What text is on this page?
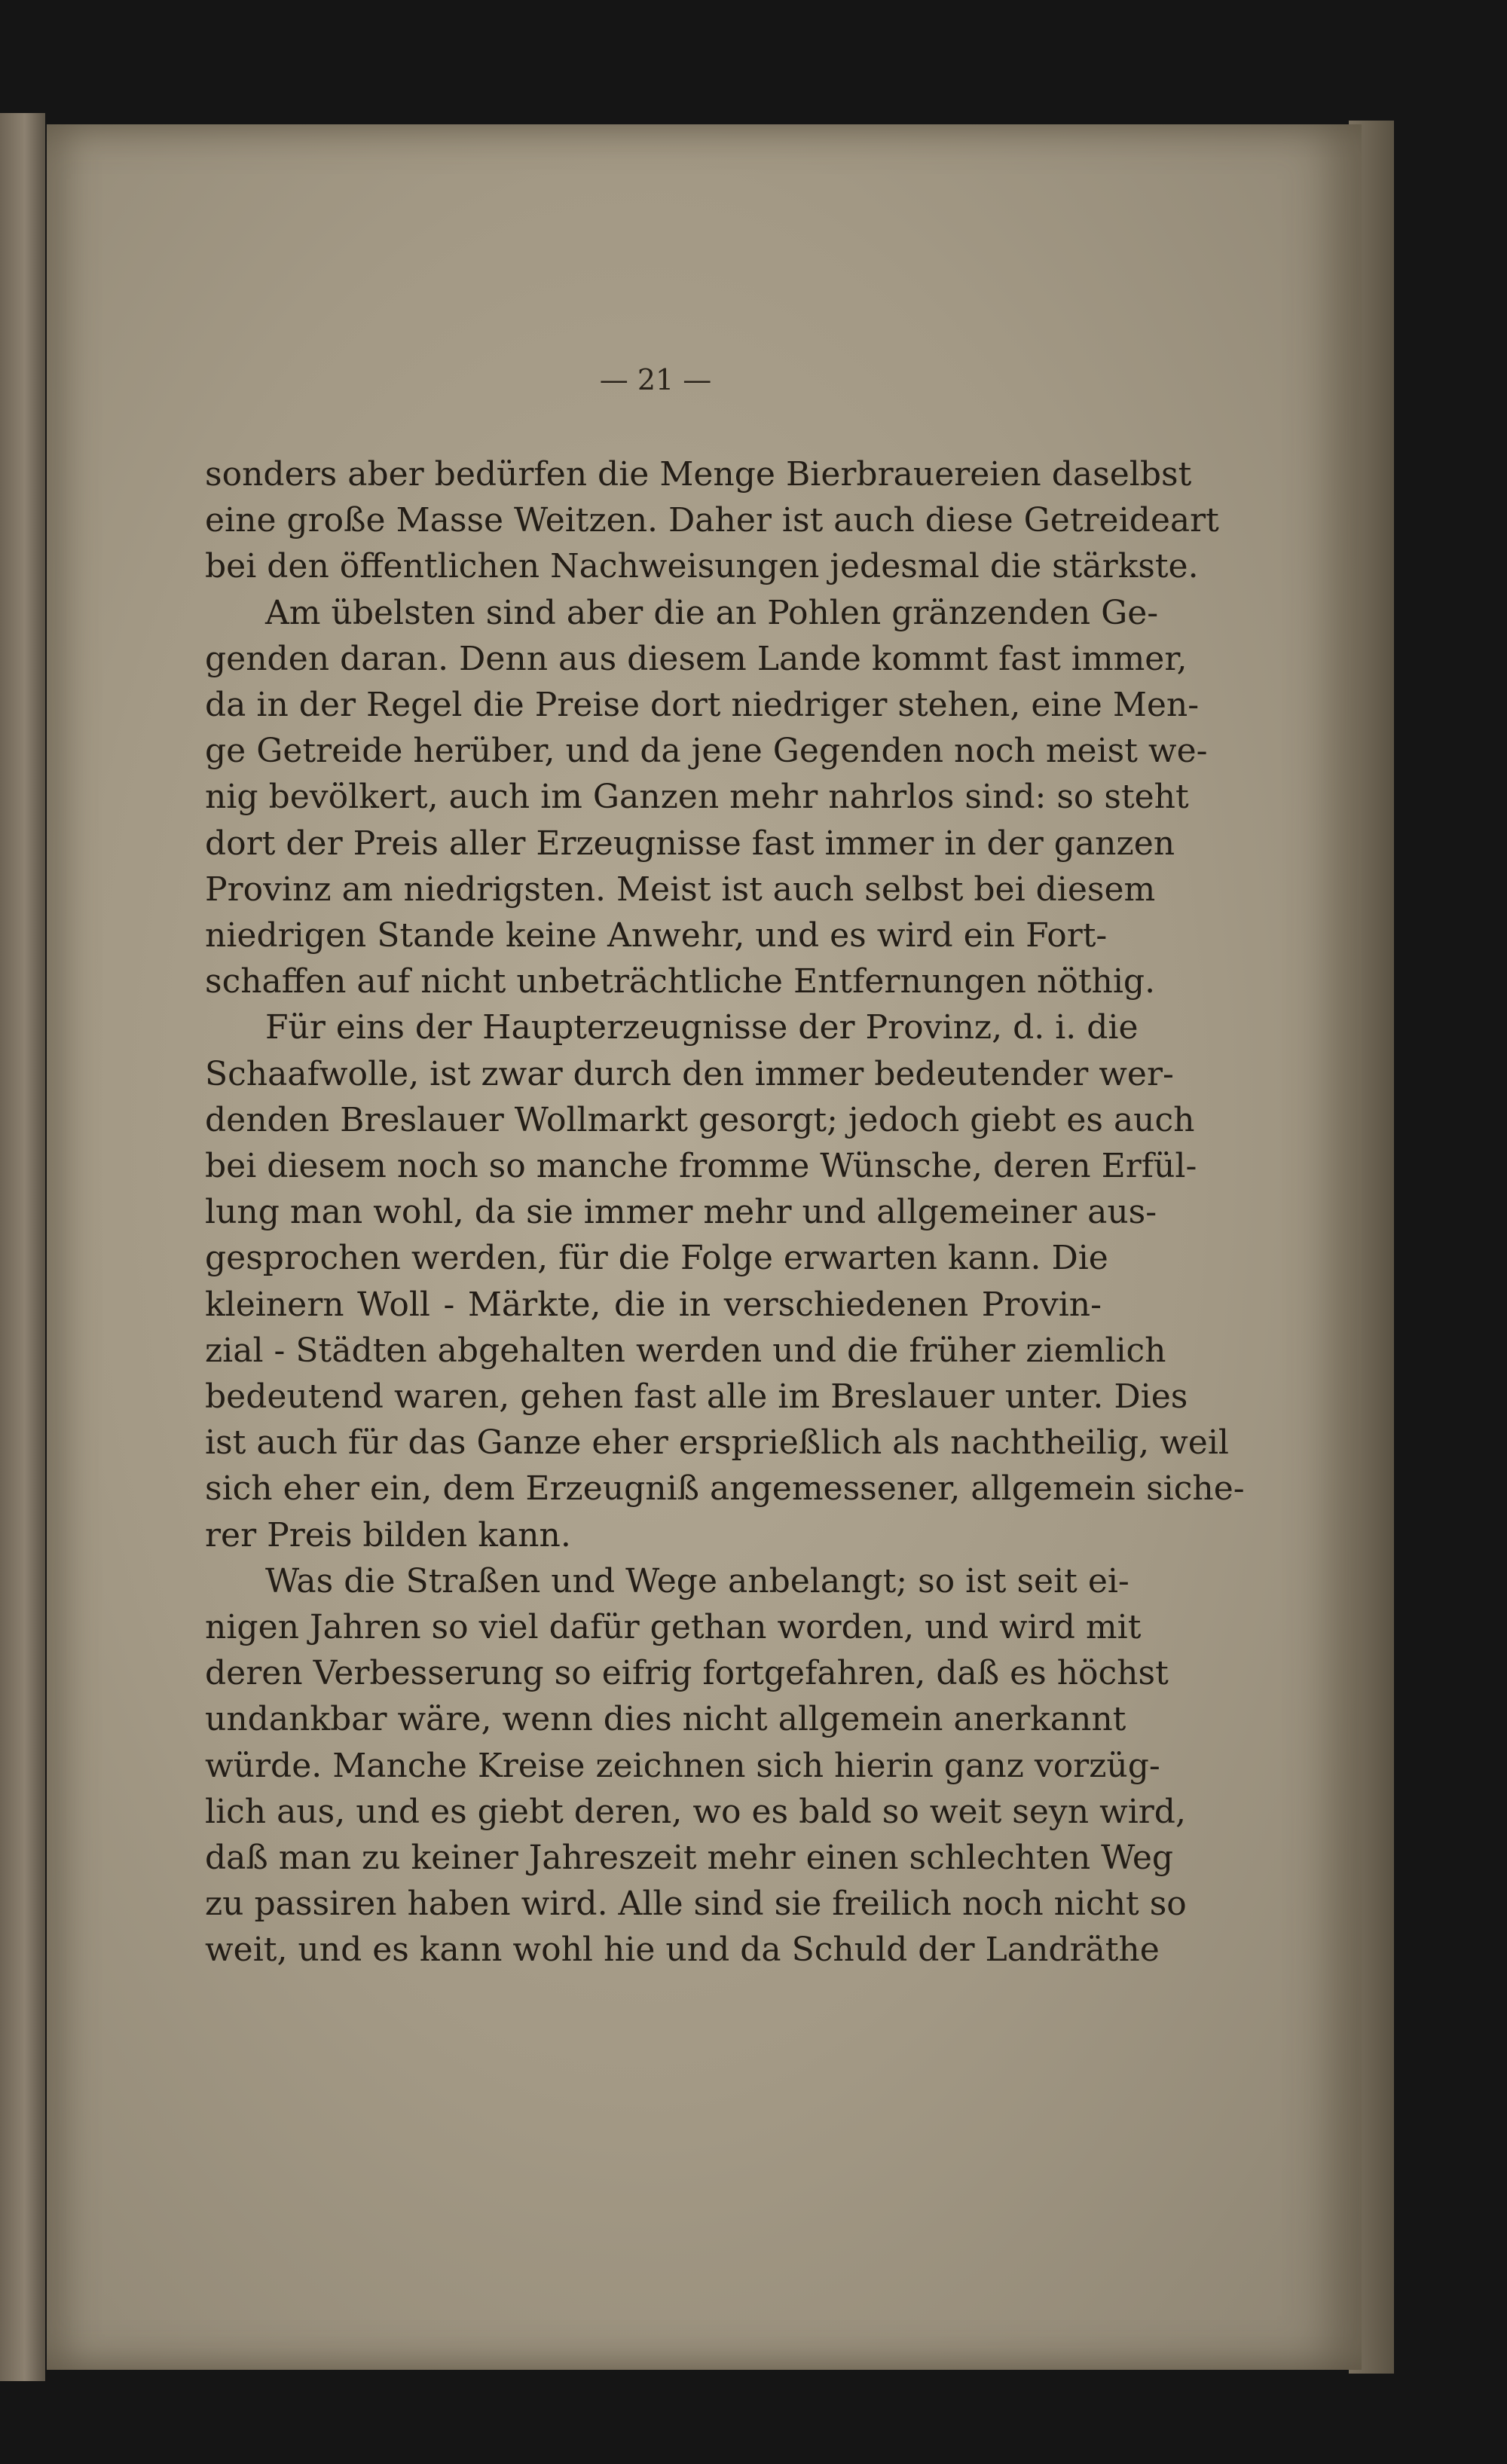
— 21 —
sonders aber bedürfen die Menge Bierbrauereien daselbst
eine große Masse Weitzen. Daher ist auch diese Getreideart
bei den öffentlichen Nachweisungen jedesmal die stärkste.
Am übelsten sind aber die an Pohlen gränzenden Ge-
genden daran. Denn aus diesem Lande kommt fast immer,
da in der Regel die Preise dort niedriger stehen, eine Men-
ge Getreide herüber, und da jene Gegenden noch meist we-
nig bevölkert, auch im Ganzen mehr nahrlos sind: so steht
dort der Preis aller Erzeugnisse fast immer in der ganzen
Provinz am niedrigsten. Meist ist auch selbst bei diesem
niedrigen Stande keine Anwehr, und es wird ein Fort-
schaffen auf nicht unbeträchtliche Entfernungen nöthig.
Für eins der Haupterzeugnisse der Provinz, d. i. die
Schaafwolle, ist zwar durch den immer bedeutender wer-
denden Breslauer Wollmarkt gesorgt; jedoch giebt es auch
bei diesem noch so manche fromme Wünsche, deren Erfül-
lung man wohl, da sie immer mehr und allgemeiner aus-
gesprochen werden, für die Folge erwarten kann. Die
kleinern Woll - Märkte, die in verschiedenen Provin-
zial - Städten abgehalten werden und die früher ziemlich
bedeutend waren, gehen fast alle im Breslauer unter. Dies
ist auch für das Ganze eher ersprießlich als nachtheilig, weil
sich eher ein, dem Erzeugniß angemessener, allgemein siche-
rer Preis bilden kann.
Was die Straßen und Wege anbelangt; so ist seit ei-
nigen Jahren so viel dafür gethan worden, und wird mit
deren Verbesserung so eifrig fortgefahren, daß es höchst
undankbar wäre, wenn dies nicht allgemein anerkannt
würde. Manche Kreise zeichnen sich hierin ganz vorzüg-
lich aus, und es giebt deren, wo es bald so weit seyn wird,
daß man zu keiner Jahreszeit mehr einen schlechten Weg
zu passiren haben wird. Alle sind sie freilich noch nicht so
weit, und es kann wohl hie und da Schuld der Landräthe
